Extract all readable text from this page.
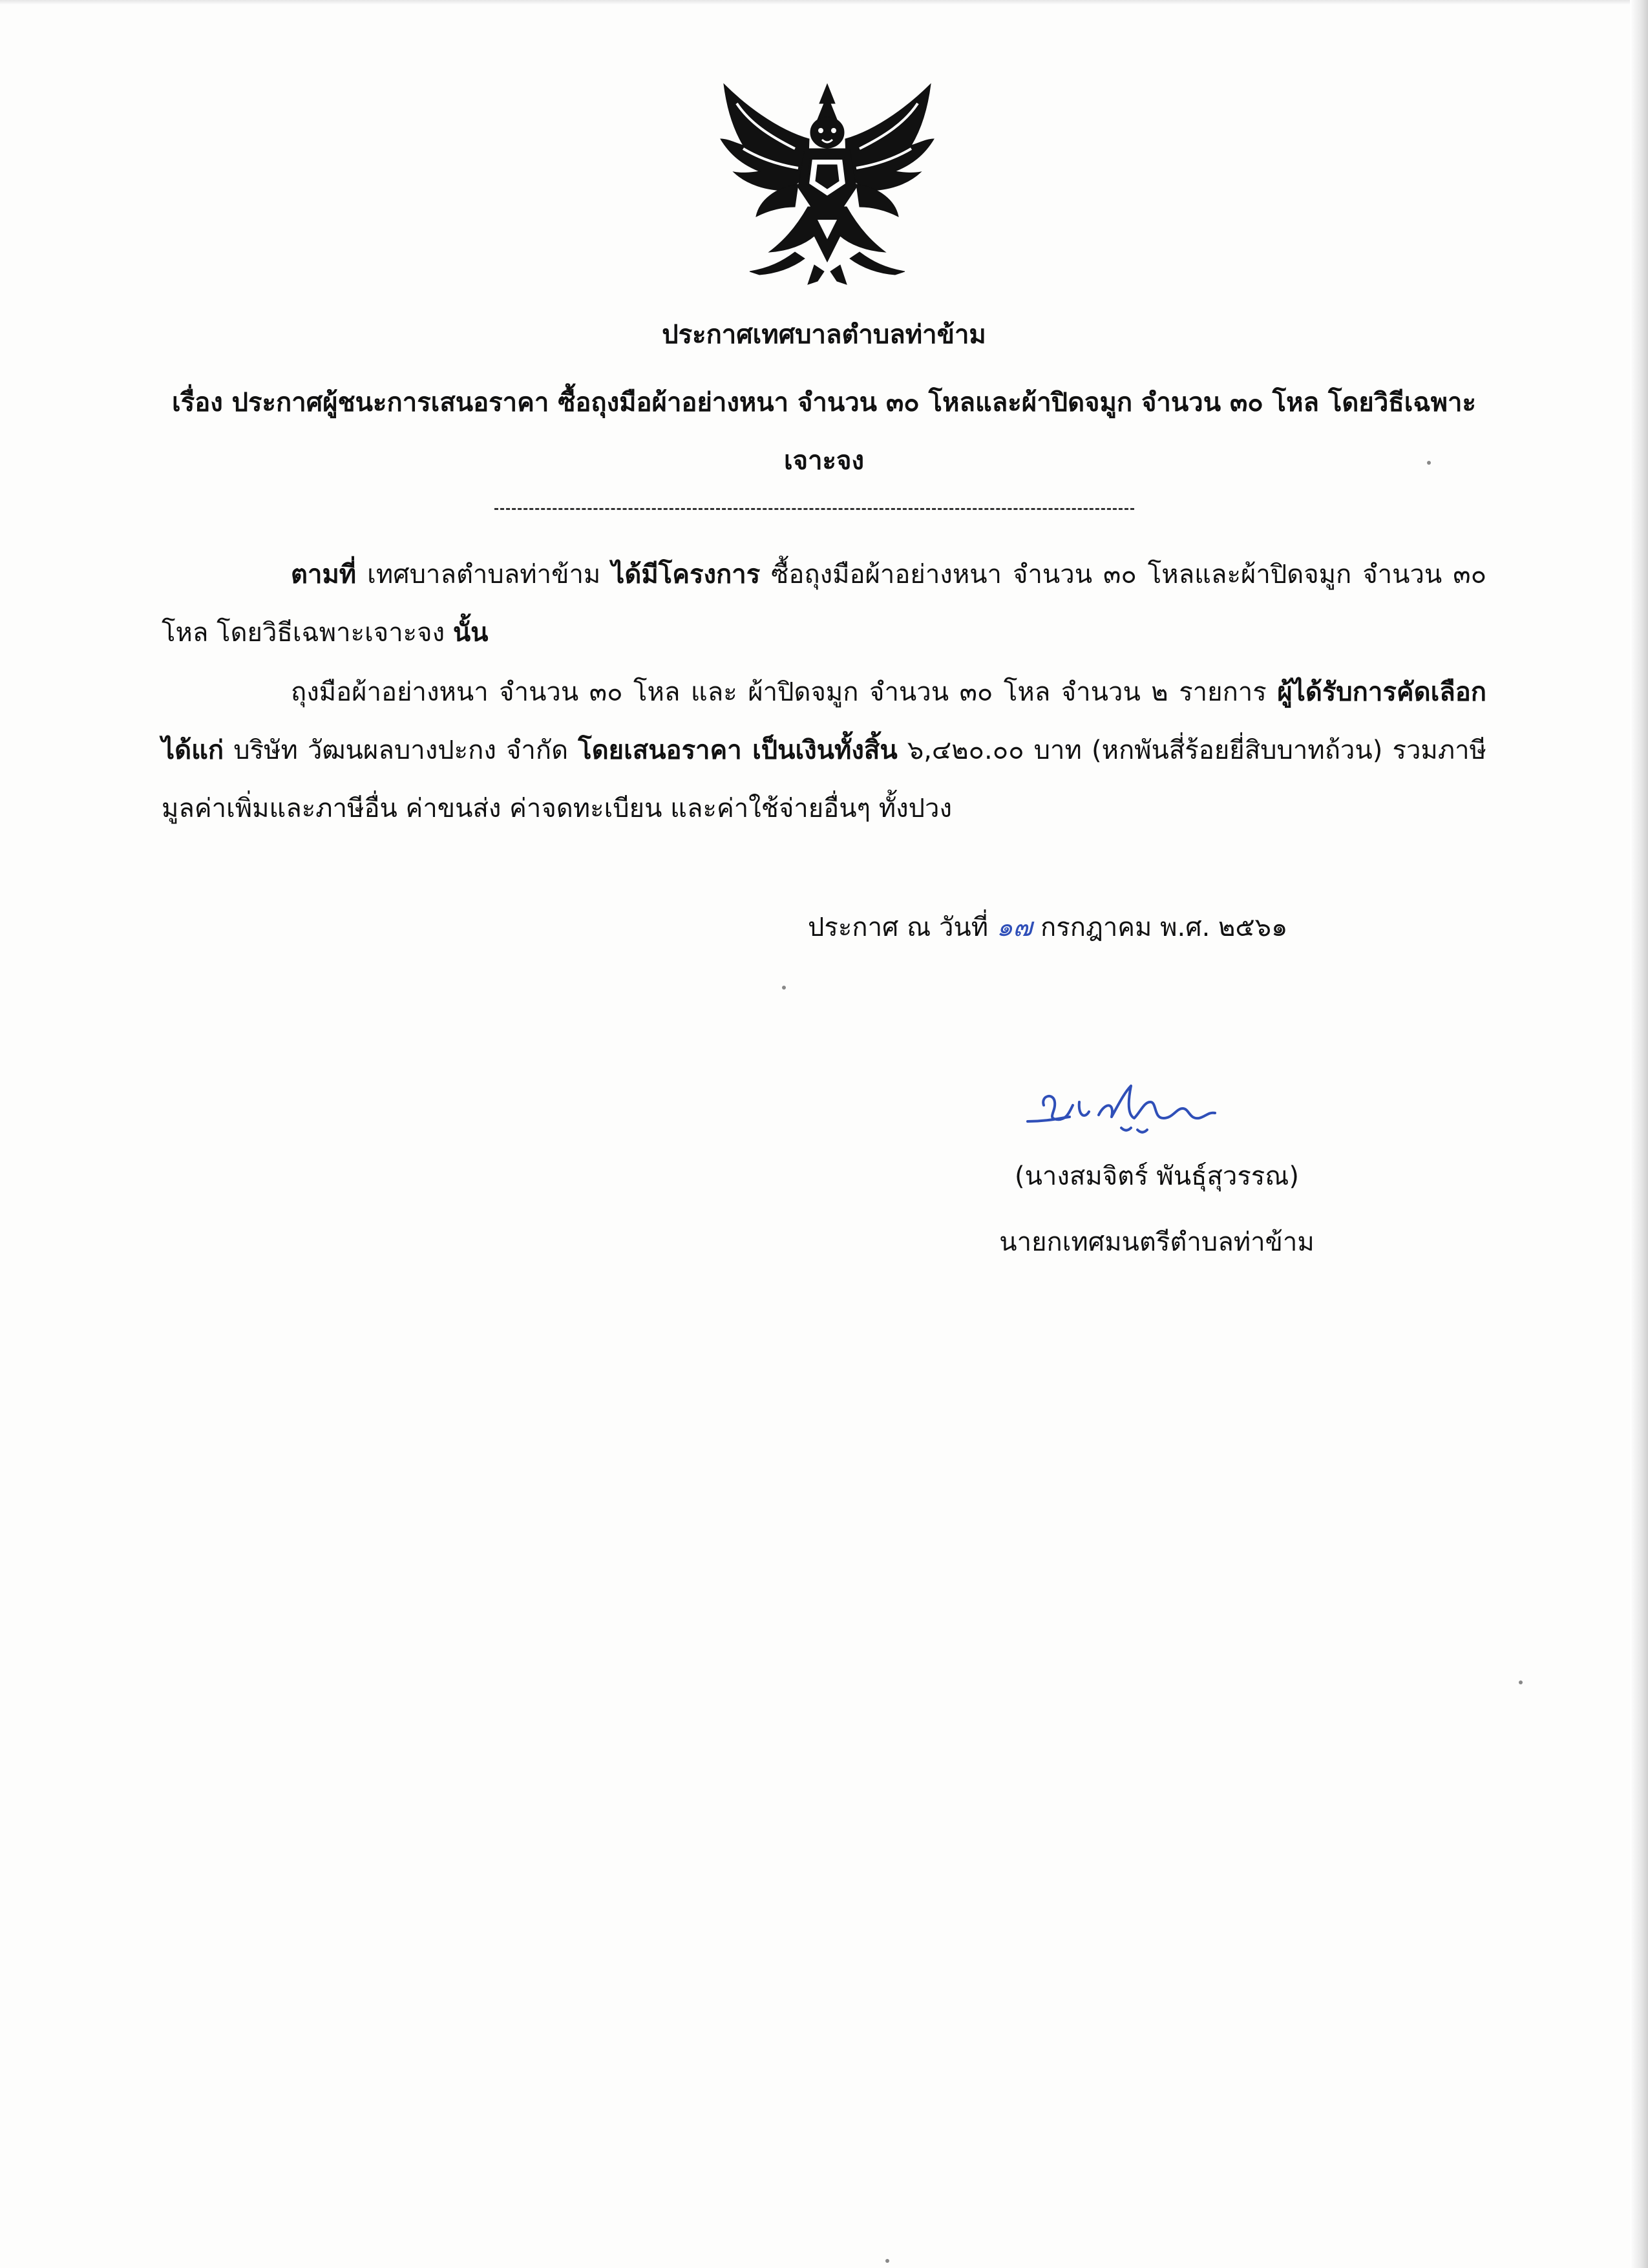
ประกาศเทศบาลตำบลท่าข้าม
เรื่อง ประกาศผู้ชนะการเสนอราคา ซื้อถุงมือผ้าอย่างหนา จำนวน ๓๐ โหลและผ้าปิดจมูก จำนวน ๓๐ โหล โดยวิธีเฉพาะเจาะจง
ตามที่ เทศบาลตำบลท่าข้าม ได้มีโครงการ ซื้อถุงมือผ้าอย่างหนา จำนวน ๓๐ โหลและผ้าปิดจมูก จำนวน ๓๐ โหล โดยวิธีเฉพาะเจาะจง นั้น
ถุงมือผ้าอย่างหนา จำนวน ๓๐ โหล และ ผ้าปิดจมูก จำนวน ๓๐ โหล จำนวน ๒ รายการ ผู้ได้รับการคัดเลือก ได้แก่ บริษัท วัฒนผลบางปะกง จำกัด โดยเสนอราคา เป็นเงินทั้งสิ้น ๖,๔๒๐.๐๐ บาท (หกพันสี่ร้อยยี่สิบบาทถ้วน) รวมภาษีมูลค่าเพิ่มและภาษีอื่น ค่าขนส่ง ค่าจดทะเบียน และค่าใช้จ่ายอื่นๆ ทั้งปวง
ประกาศ ณ วันที่ ๑๗ กรกฎาคม พ.ศ. ๒๕๖๑
(นางสมจิตร์ พันธุ์สุวรรณ)
นายกเทศมนตรีตำบลท่าข้าม
